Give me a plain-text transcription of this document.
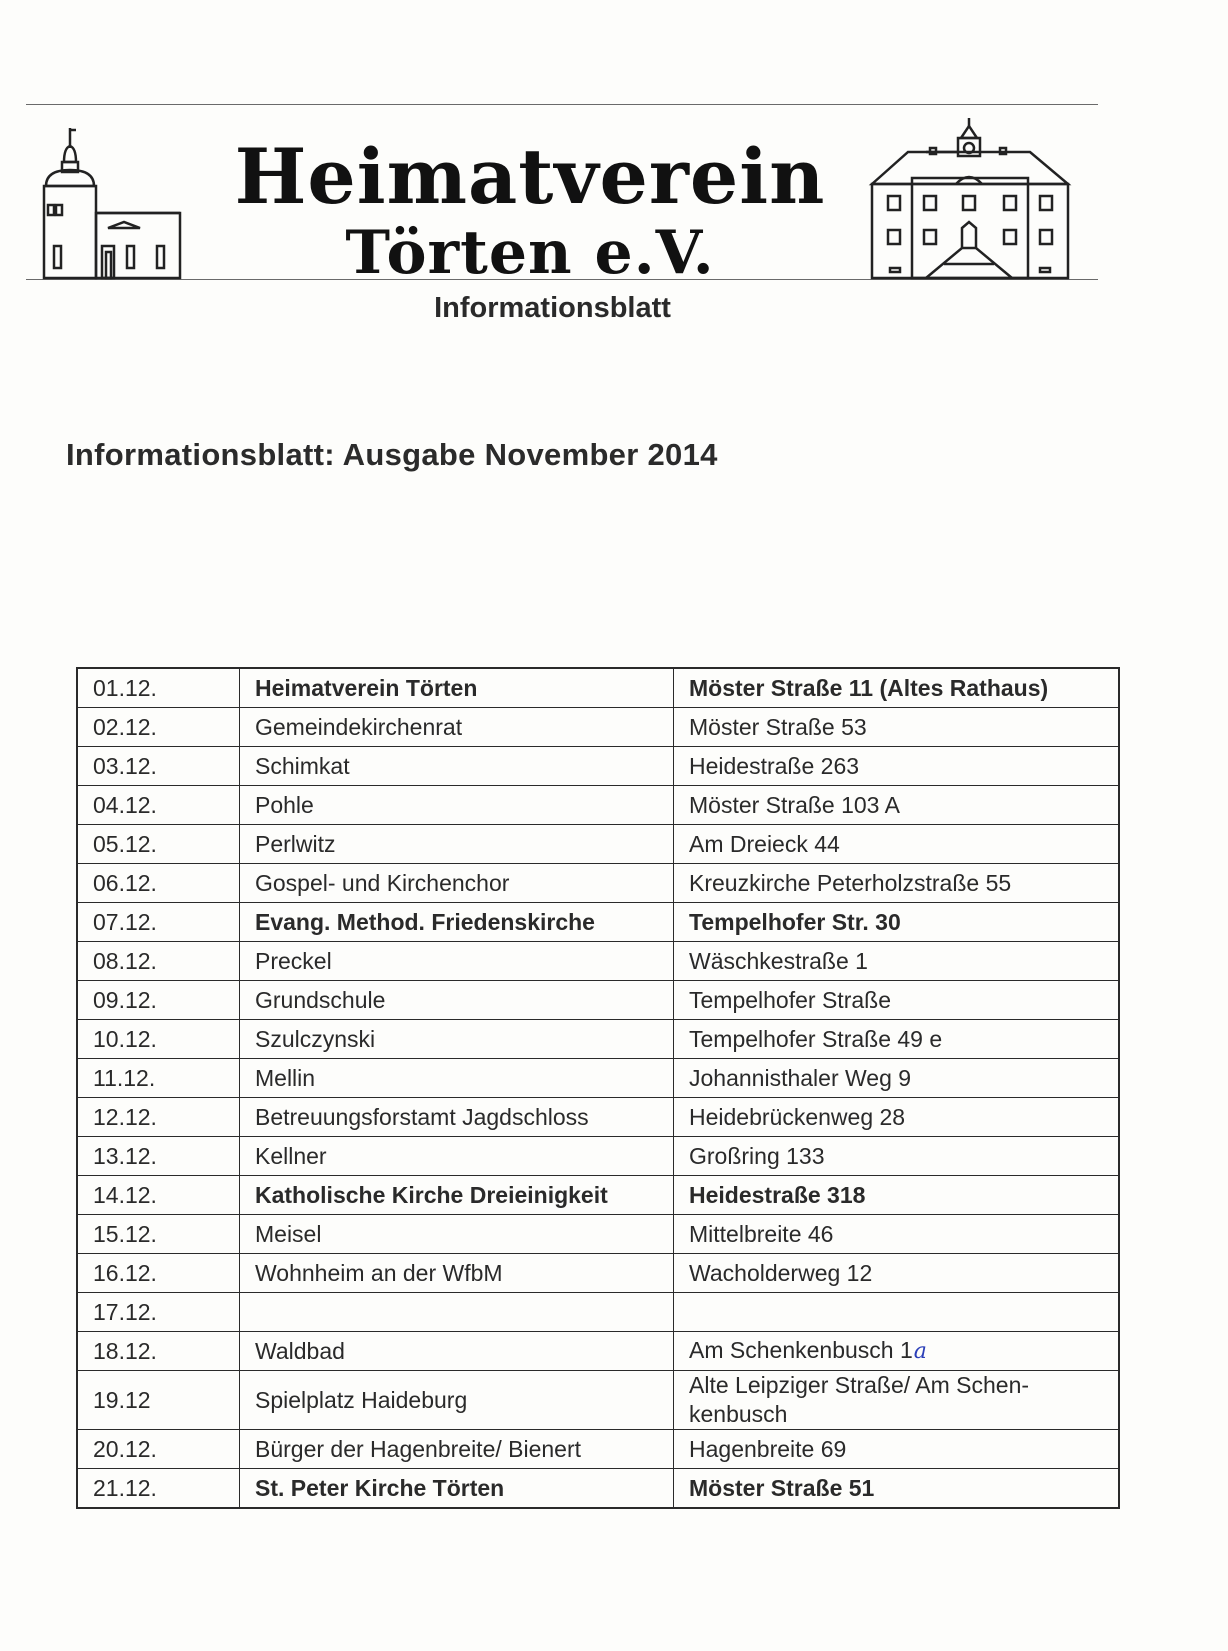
Heimatverein
Törten e.V.
Informationsblatt
Informationsblatt: Ausgabe November 2014
01.12.	Heimatverein Törten	Möster Straße 11 (Altes Rathaus)
02.12.	Gemeindekirchenrat	Möster Straße 53
03.12.	Schimkat	Heidestraße 263
04.12.	Pohle	Möster Straße 103 A
05.12.	Perlwitz	Am Dreieck 44
06.12.	Gospel- und Kirchenchor	Kreuzkirche Peterholzstraße 55
07.12.	Evang. Method. Friedenskirche	Tempelhofer Str. 30
08.12.	Preckel	Wäschkestraße 1
09.12.	Grundschule	Tempelhofer Straße
10.12.	Szulczynski	Tempelhofer Straße 49 e
11.12.	Mellin	Johannisthaler Weg 9
12.12.	Betreuungsforstamt Jagdschloss	Heidebrückenweg 28
13.12.	Kellner	Großring 133
14.12.	Katholische Kirche Dreieinigkeit	Heidestraße 318
15.12.	Meisel	Mittelbreite 46
16.12.	Wohnheim an der WfbM	Wacholderweg 12
17.12.		
18.12.	Waldbad	Am Schenkenbusch 1a
19.12	Spielplatz Haideburg	Alte Leipziger Straße/ Am Schen-
kenbusch

20.12.	Bürger der Hagenbreite/ Bienert	Hagenbreite 69
21.12.	St. Peter Kirche Törten	Möster Straße 51
